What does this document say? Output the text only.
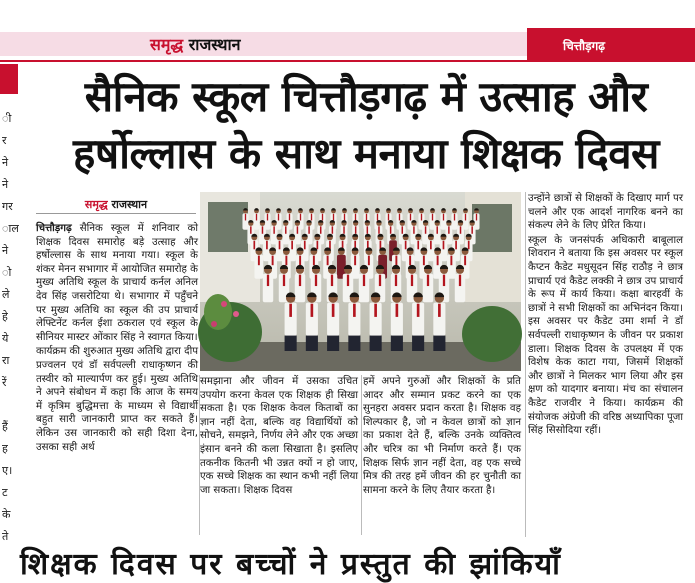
समृद्ध राजस्थान	चित्तौड़गढ़
ी
र
ने
ने
गर
ाल
ने
ो
ले
हे
ये
रा
रें
हैं
ह
ए।
ट
के
ते
सैनिक स्कूल चित्तौड़गढ़ में उत्साह और हर्षोल्लास के साथ मनाया शिक्षक दिवस
समृद्ध राजस्थान

चित्तौड़गढ़ सैनिक स्कूल में शनिवार को शिक्षक दिवस समारोह बड़े उत्साह और हर्षोल्लास के साथ मनाया गया। स्कूल के शंकर मेनन सभागार में आयोजित समारोह के मुख्य अतिथि स्कूल के प्राचार्य कर्नल अनिल देव सिंह जसरोटिया थे। सभागार में पहुँचने पर मुख्य अतिथि का स्कूल की उप प्राचार्य लेफ्टिनेंट कर्नल ईशा ठकराल एवं स्कूल के सीनियर मास्टर ओंकार सिंह ने स्वागत किया।

कार्यक्रम की शुरुआत मुख्य अतिथि द्वारा दीप प्रज्वलन एवं डॉ सर्वपल्ली राधाकृष्णन की तस्वीर को माल्यार्पण कर हुई। मुख्य अतिथि ने अपने संबोधन में कहा कि आज के समय में कृत्रिम बुद्धिमत्ता के माध्यम से विद्यार्थी बहुत सारी जानकारी प्राप्त कर सकते हैं। लेकिन उस जानकारी को सही दिशा देना, उसका सही अर्थ

समझाना और जीवन में उसका उचित उपयोग करना केवल एक शिक्षक ही सिखा सकता है। एक शिक्षक केवल किताबों का ज्ञान नहीं देता, बल्कि वह विद्यार्थियों को सोचने, समझने, निर्णय लेने और एक अच्छा इंसान बनने की कला सिखाता है। इसलिए तकनीक कितनी भी उन्नत क्यों न हो जाए, एक सच्चे शिक्षक का स्थान कभी नहीं लिया जा सकता। शिक्षक दिवस

हमें अपने गुरुओं और शिक्षकों के प्रति आदर और सम्मान प्रकट करने का एक सुनहरा अवसर प्रदान करता है। शिक्षक वह शिल्पकार है, जो न केवल छात्रों को ज्ञान का प्रकाश देते हैं, बल्कि उनके व्यक्तित्व और चरित्र का भी निर्माण करते हैं। एक शिक्षक सिर्फ ज्ञान नहीं देता, वह एक सच्चे मित्र की तरह हमें जीवन की हर चुनौती का सामना करने के लिए तैयार करता है।

उन्होंने छात्रों से शिक्षकों के दिखाए मार्ग पर चलने और एक आदर्श नागरिक बनने का संकल्प लेने के लिए प्रेरित किया।

स्कूल के जनसंपर्क अधिकारी बाबूलाल शिवरान ने बताया कि इस अवसर पर स्कूल कैप्टन कैडेट मधुसूदन सिंह राठौड़ ने छात्र प्राचार्य एवं कैडेट लक्की ने छात्र उप प्राचार्य के रूप में कार्य किया। कक्षा बारहवीं के छात्रों ने सभी शिक्षकों का अभिनंदन किया। इस अवसर पर कैडेट उमा शर्मा ने डॉ सर्वपल्ली राधाकृष्णन के जीवन पर प्रकाश डाला। शिक्षक दिवस के उपलक्ष्य में एक विशेष केक काटा गया, जिसमें शिक्षकों और छात्रों ने मिलकर भाग लिया और इस क्षण को यादगार बनाया। मंच का संचालन कैडेट राजवीर ने किया। कार्यक्रम की संयोजक अंग्रेजी की वरिष्ठ अध्यापिका पूजा सिंह सिसोदिया रहीं।

शिक्षक दिवस पर बच्चों ने प्रस्तुत की झांकियाँ
